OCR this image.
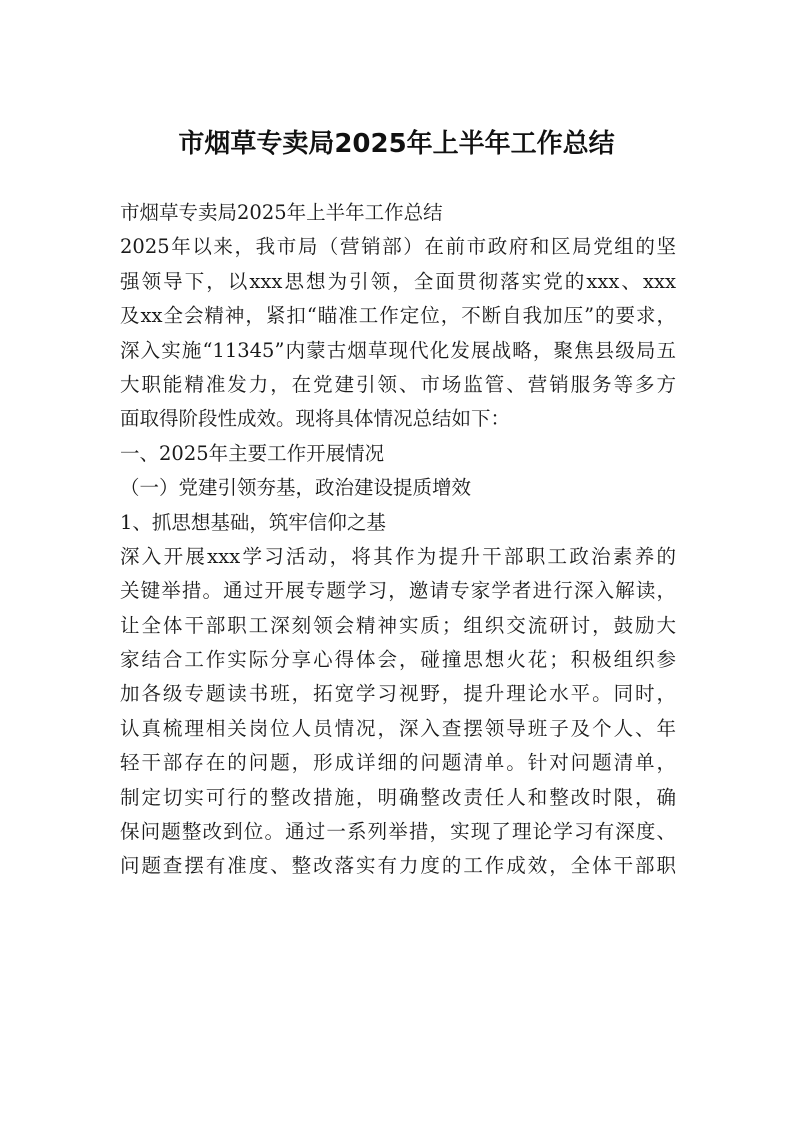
市烟草专卖局2025年上半年工作总结
市烟草专卖局2025年上半年工作总结
2025年以来，我市局（营销部）在前市政府和区局党组的坚
强领导下，以xxx思想为引领，全面贯彻落实党的xxx、xxx
及xx全会精神，紧扣“瞄准工作定位，不断自我加压”的要求，
深入实施“11345”内蒙古烟草现代化发展战略，聚焦县级局五
大职能精准发力，在党建引领、市场监管、营销服务等多方
面取得阶段性成效。现将具体情况总结如下：
一、2025年主要工作开展情况
（一）党建引领夯基，政治建设提质增效
1、抓思想基础，筑牢信仰之基
深入开展xxx学习活动，将其作为提升干部职工政治素养的
关键举措。通过开展专题学习，邀请专家学者进行深入解读，
让全体干部职工深刻领会精神实质；组织交流研讨，鼓励大
家结合工作实际分享心得体会，碰撞思想火花；积极组织参
加各级专题读书班，拓宽学习视野，提升理论水平。同时，
认真梳理相关岗位人员情况，深入查摆领导班子及个人、年
轻干部存在的问题，形成详细的问题清单。针对问题清单，
制定切实可行的整改措施，明确整改责任人和整改时限，确
保问题整改到位。通过一系列举措，实现了理论学习有深度、
问题查摆有准度、整改落实有力度的工作成效，全体干部职
